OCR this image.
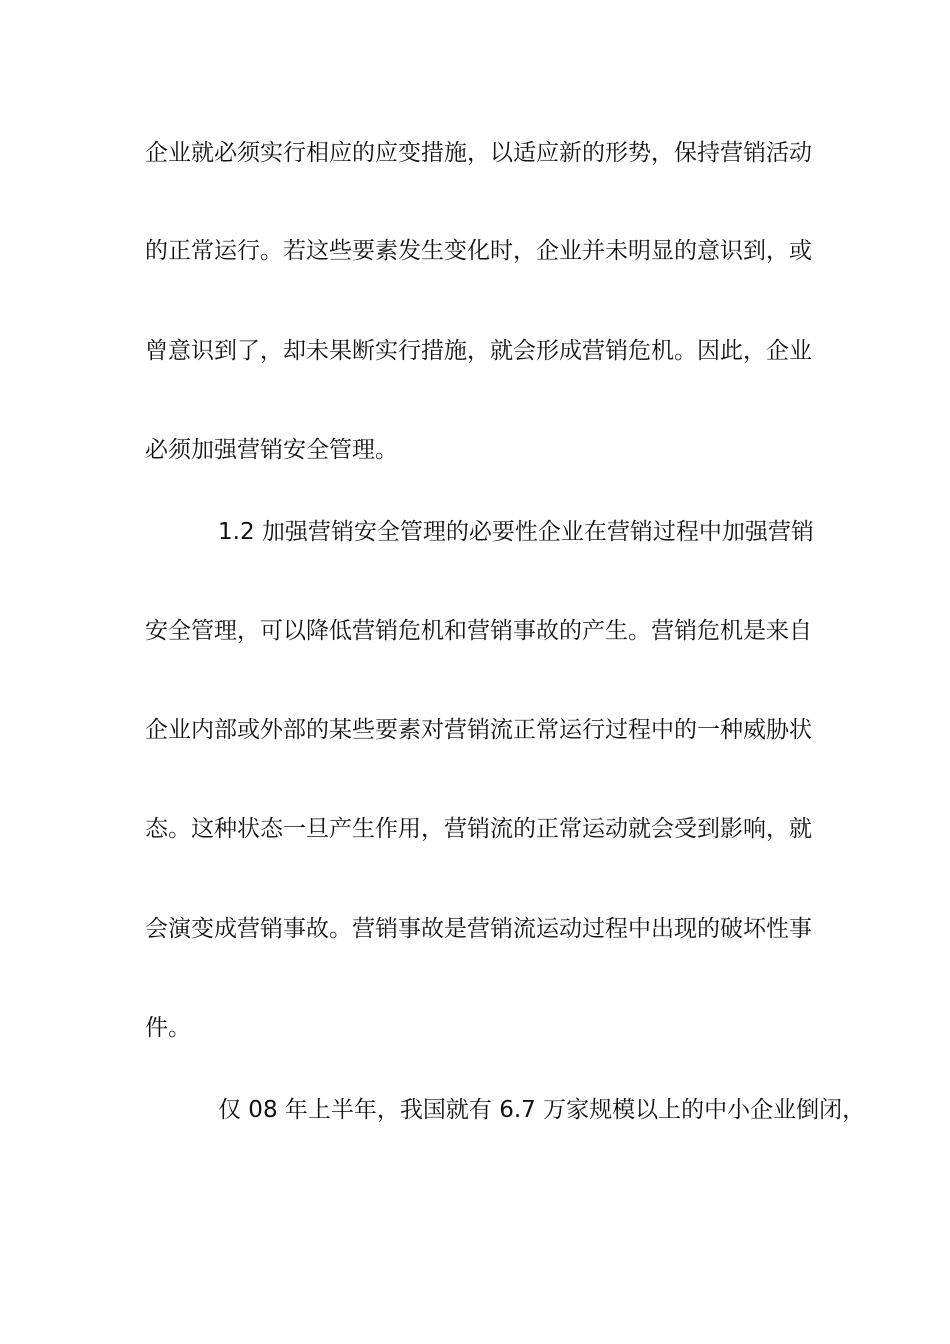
企业就必须实行相应的应变措施，以适应新的形势，保持营销活动
的正常运行。若这些要素发生变化时，企业并未明显的意识到，或
曾意识到了，却未果断实行措施，就会形成营销危机。因此，企业
必须加强营销安全管理。
1.2 加强营销安全管理的必要性企业在营销过程中加强营销
安全管理，可以降低营销危机和营销事故的产生。营销危机是来自
企业内部或外部的某些要素对营销流正常运行过程中的一种威胁状
态。这种状态一旦产生作用，营销流的正常运动就会受到影响，就
会演变成营销事故。营销事故是营销流运动过程中出现的破坏性事
件。
仅 08 年上半年，我国就有 6.7 万家规模以上的中小企业倒闭，
